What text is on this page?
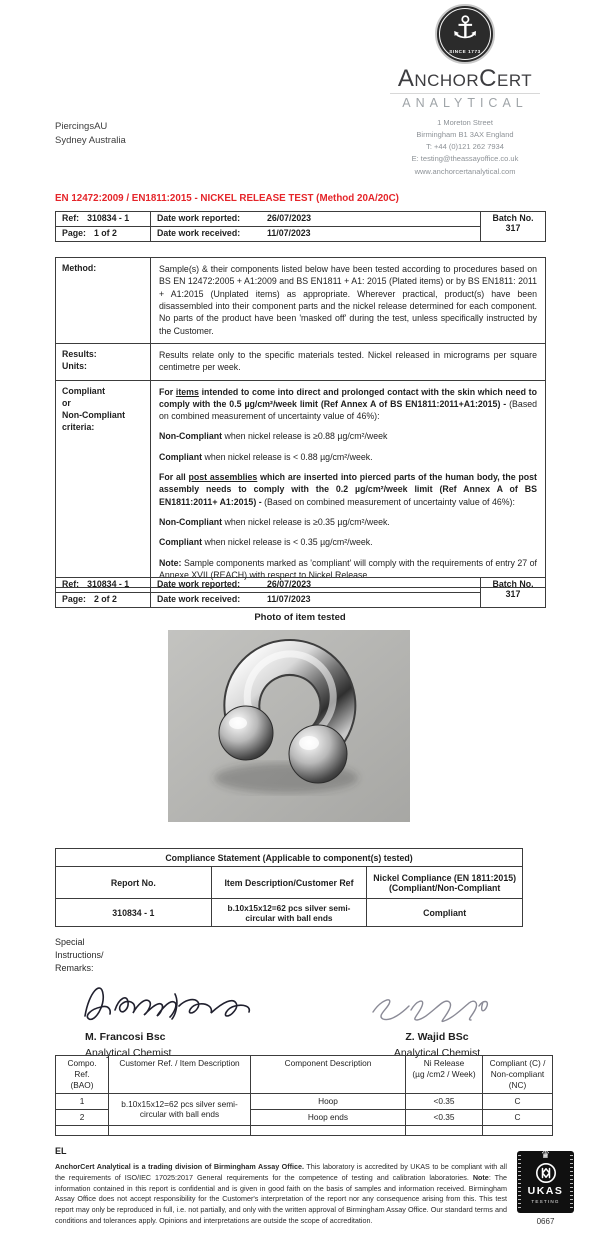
⚓
SINCE 1773
AnchorCert
ANALYTICAL
1 Moreton Street
Birmingham B1 3AX England
T: +44 (0)121 262 7934
E: testing@theassayoffice.co.uk
www.anchorcertanalytical.com
PiercingsAU
Sydney Australia
EN 12472:2009 / EN1811:2015 - NICKEL RELEASE TEST (Method 20A/20C)
Ref: 310834 - 1	Date work reported:	26/07/2023	Batch No.
317

Page: 1 of 2	Date work received: 11/07/2023	
Method:	Sample(s) & their components listed below have been tested according to procedures based on BS EN 12472:2005 + A1:2009 and BS EN1811 + A1: 2015 (Plated items) or by BS EN1811: 2011 + A1:2015 (Unplated items) as appropriate. Wherever practical, product(s) have been disassembled into their component parts and the nickel release determined for each component. No parts of the product have been 'masked off' during the test, unless specifically instructed by the Customer.

Results:
Units:	Results relate only to the specific materials tested. Nickel released in micrograms per square centimetre per week.

Compliant
or
Non-Compliant criteria:

For items intended to come into direct and prolonged contact with the skin which need to comply with the 0.5 µg/cm²/week limit (Ref Annex A of BS EN1811:2011+A1:2015) - (Based on combined measurement of uncertainty value of 46%):
Non-Compliant when nickel release is ≥0.88 µg/cm²/week
Compliant when nickel release is < 0.88 µg/cm²/week.
For all post assemblies which are inserted into pierced parts of the human body, the post assembly needs to comply with the 0.2 µg/cm²/week limit (Ref Annex A of BS EN1811:2011+ A1:2015) - (Based on combined measurement of uncertainty value of 46%):
Non-Compliant when nickel release is ≥0.35 µg/cm²/week.
Compliant when nickel release is < 0.35 µg/cm²/week.
Note: Sample components marked as 'compliant' will comply with the requirements of entry 27 of Annexe XVII (REACH) with respect to Nickel Release.
Ref: 310834 - 1	Date work reported:	26/07/2023	Batch No.
317

Page: 2 of 2	Date work received: 11/07/2023	
Photo of item tested
Compliance Statement (Applicable to component(s) tested)		
Report No.	Item Description/Customer Ref	Nickel Compliance (EN 1811:2015)
(Compliant/Non-Compliant

310834 - 1	b.10x15x12=62 pcs silver semi-circular with ball ends	Compliant
Special
Instructions/
Remarks:
M. Francosi Bsc
Analytical Chemist
Z. Wajid BSc
Analytical Chemist
Compo. Ref.
(BAO)
	Customer Ref. / Item Description	Component Description	Ni Release
(µg /cm2 / Week)

Compliant (C) /
Non-compliant
(NC)

1	b.10x15x12=62 pcs silver semi-circular with ball ends	Hoop	<0.35	C
2		Hoop ends	<0.35	C

EL
AnchorCert Analytical is a trading division of Birmingham Assay Office. This laboratory is accredited by UKAS to be compliant with all the requirements of ISO/IEC 17025:2017 General requirements for the competence of testing and calibration laboratories. Note: The information contained in this report is confidential and is given in good faith on the basis of samples and information received. Birmingham Assay Office does not accept responsibility for the Customer's interpretation of the report nor any consequence arising from this. This test report may only be reproduced in full, i.e. not partially, and only with the written approval of Birmingham Assay Office. Our standard terms and conditions and tolerances apply. Opinions and interpretations are outside the scope of accreditation.
♛
UKAS
TESTING
0667
